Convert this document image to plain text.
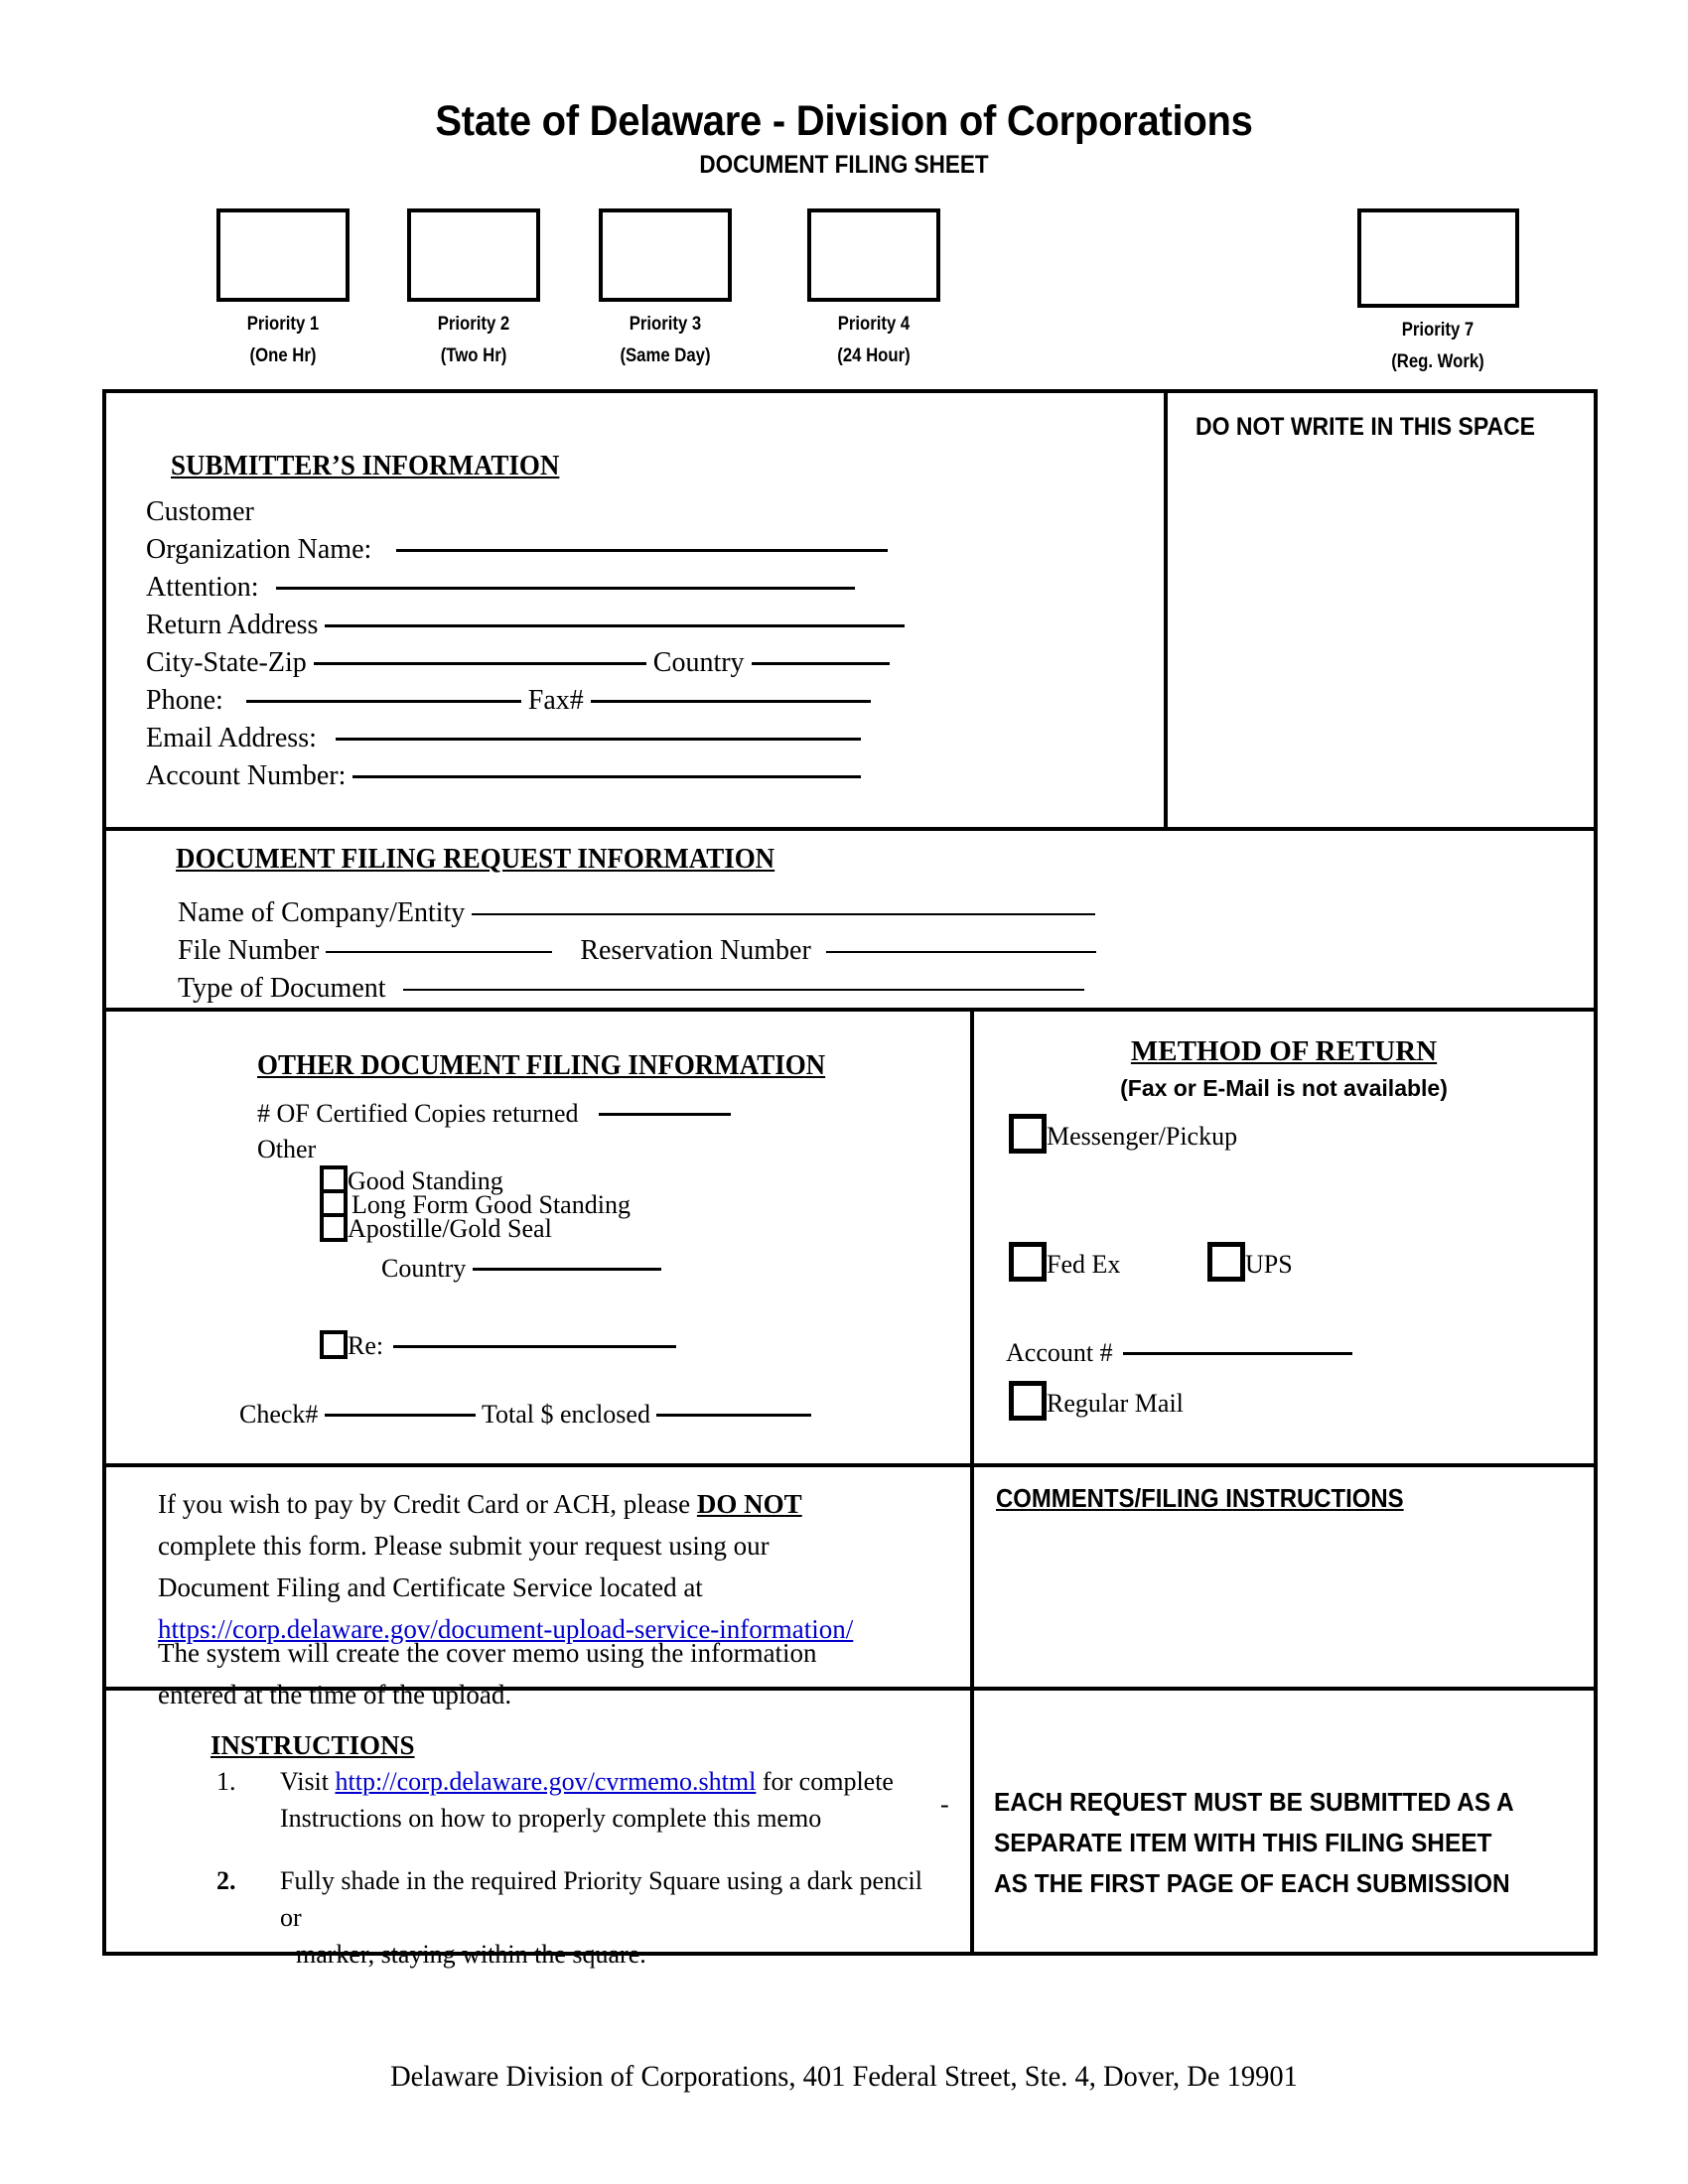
State of Delaware - Division of Corporations
DOCUMENT FILING SHEET
Priority 1
(One Hr)
Priority 2
(Two Hr)
Priority 3
(Same Day)
Priority 4
(24 Hour)
Priority 7
(Reg. Work)
SUBMITTER’S INFORMATION
Customer
Organization Name:
Attention:
Return Address
City-State-Zip	Country
Phone:	Fax#
Email Address:
Account Number:
DO NOT WRITE IN THIS SPACE
DOCUMENT FILING REQUEST INFORMATION
Name of Company/Entity
File Number	Reservation Number
Type of Document
OTHER DOCUMENT FILING INFORMATION
# OF Certified Copies returned
Other
Good Standing
Long Form Good Standing
Apostille/Gold Seal
Country
Re:
Check#	Total $ enclosed
METHOD OF RETURN
(Fax or E-Mail is not available)
Messenger/Pickup
Fed Ex	UPS
Account #
Regular Mail
If you wish to pay by Credit Card or ACH, please DO NOT
complete this form. Please submit your request using our
Document Filing and Certificate Service located at
https://corp.delaware.gov/document-upload-service-information/
The system will create the cover memo using the information
entered at the time of the upload.
COMMENTS/FILING INSTRUCTIONS
INSTRUCTIONS
-
1. Visit http://corp.delaware.gov/cvrmemo.shtml for complete
Instructions on how to properly complete this memo
2. Fully shade in the required Priority Square using a dark pencil or
marker, staying within the square.
EACH REQUEST MUST BE SUBMITTED AS A SEPARATE ITEM WITH THIS FILING SHEET AS THE FIRST PAGE OF EACH SUBMISSION
Delaware Division of Corporations, 401 Federal Street, Ste. 4, Dover, De 19901
